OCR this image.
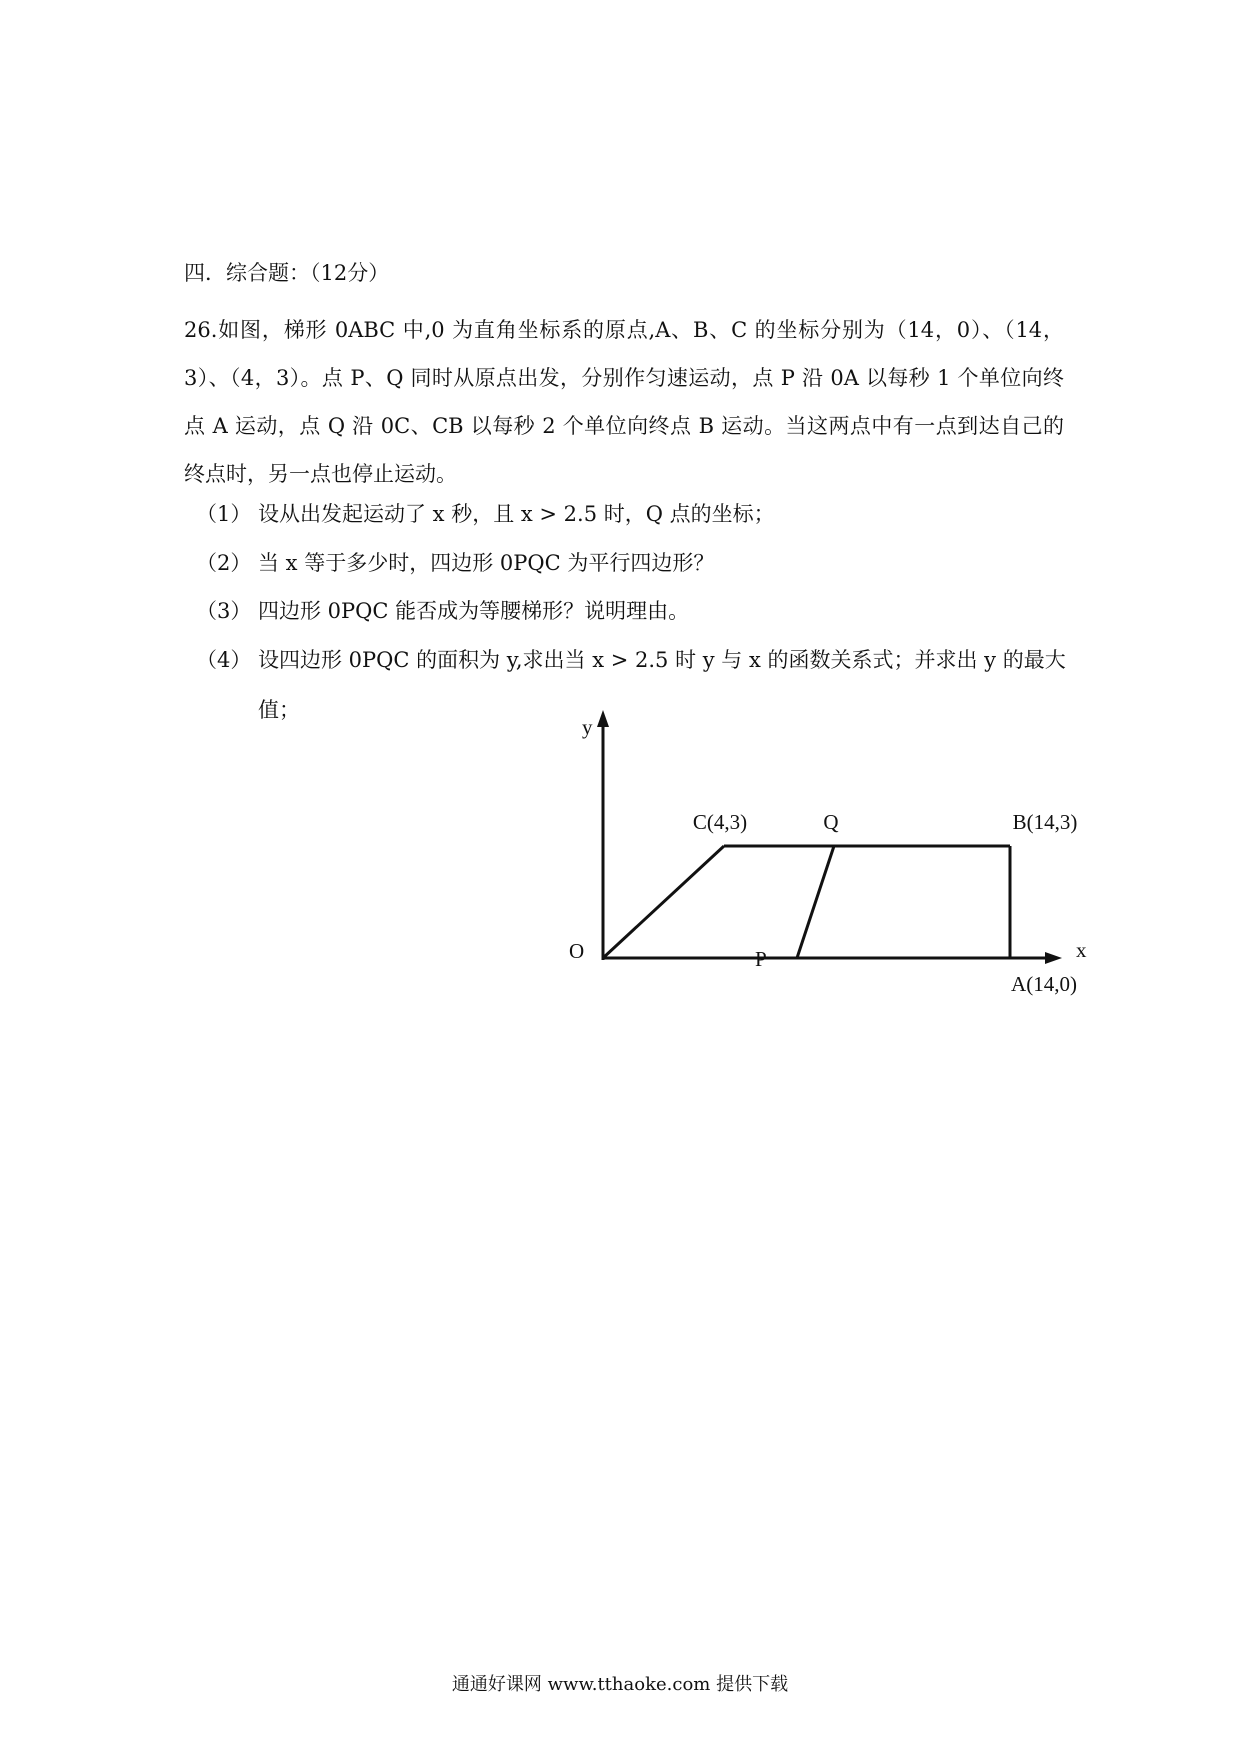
四．综合题：（12分）
26.如图，梯形 0ABC 中,0 为直角坐标系的原点,A、B、C 的坐标分别为（14，0）、（14，3）、（4，3）。点 P、Q 同时从原点出发，分别作匀速运动，点 P 沿 0A 以每秒 1 个单位向终点 A 运动，点 Q 沿 0C、CB 以每秒 2 个单位向终点 B 运动。当这两点中有一点到达自己的终点时，另一点也停止运动。
（1） 设从出发起运动了 x 秒，且 x > 2.5 时，Q 点的坐标；
（2） 当 x 等于多少时，四边形 0PQC 为平行四边形？
（3） 四边形 0PQC 能否成为等腰梯形？说明理由。
（4） 设四边形 0PQC 的面积为 y,求出当 x > 2.5 时 y 与 x 的函数关系式；并求出 y 的最大
值；
y
x
O
C(4,3)	Q	B(14,3)
P
A(14,0)
通通好课网 www.tthaoke.com 提供下载
